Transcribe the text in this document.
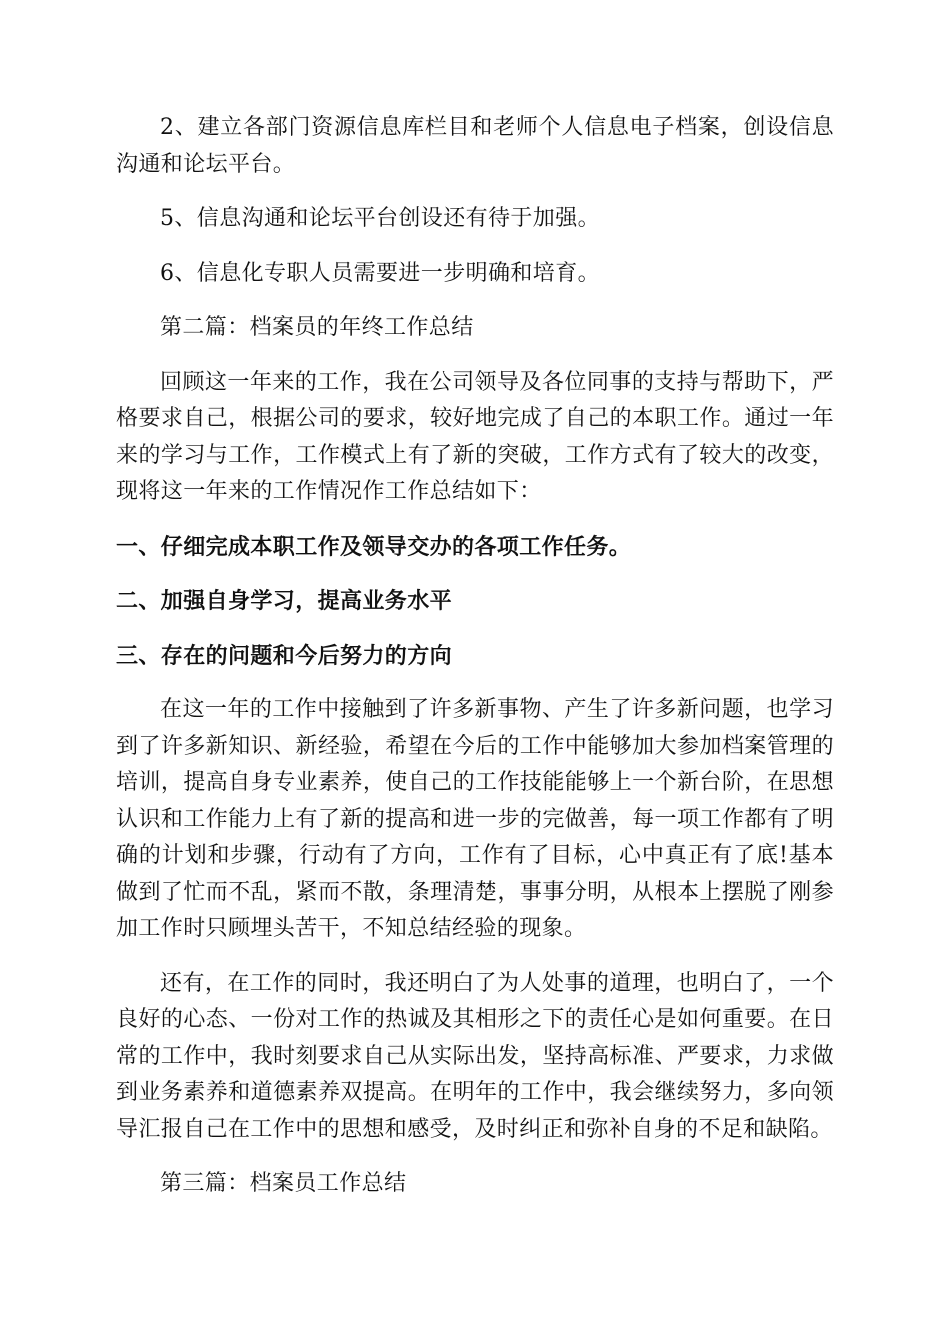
2、建立各部门资源信息库栏目和老师个人信息电子档案，创设信息沟通和论坛平台。

5、信息沟通和论坛平台创设还有待于加强。

6、信息化专职人员需要进一步明确和培育。

第二篇：档案员的年终工作总结

回顾这一年来的工作，我在公司领导及各位同事的支持与帮助下，严格要求自己，根据公司的要求，较好地完成了自己的本职工作。通过一年来的学习与工作，工作模式上有了新的突破，工作方式有了较大的改变，现将这一年来的工作情况作工作总结如下：

一、仔细完成本职工作及领导交办的各项工作任务。

二、加强自身学习，提高业务水平

三、存在的问题和今后努力的方向

在这一年的工作中接触到了许多新事物、产生了许多新问题，也学习到了许多新知识、新经验，希望在今后的工作中能够加大参加档案管理的培训，提高自身专业素养，使自己的工作技能能够上一个新台阶，在思想认识和工作能力上有了新的提高和进一步的完做善，每一项工作都有了明确的计划和步骤，行动有了方向，工作有了目标，心中真正有了底!基本做到了忙而不乱，紧而不散，条理清楚，事事分明，从根本上摆脱了刚参加工作时只顾埋头苦干，不知总结经验的现象。

还有，在工作的同时，我还明白了为人处事的道理，也明白了，一个良好的心态、一份对工作的热诚及其相形之下的责任心是如何重要。在日常的工作中，我时刻要求自己从实际出发，坚持高标准、严要求，力求做到业务素养和道德素养双提高。在明年的工作中，我会继续努力，多向领导汇报自己在工作中的思想和感受，及时纠正和弥补自身的不足和缺陷。

第三篇：档案员工作总结
